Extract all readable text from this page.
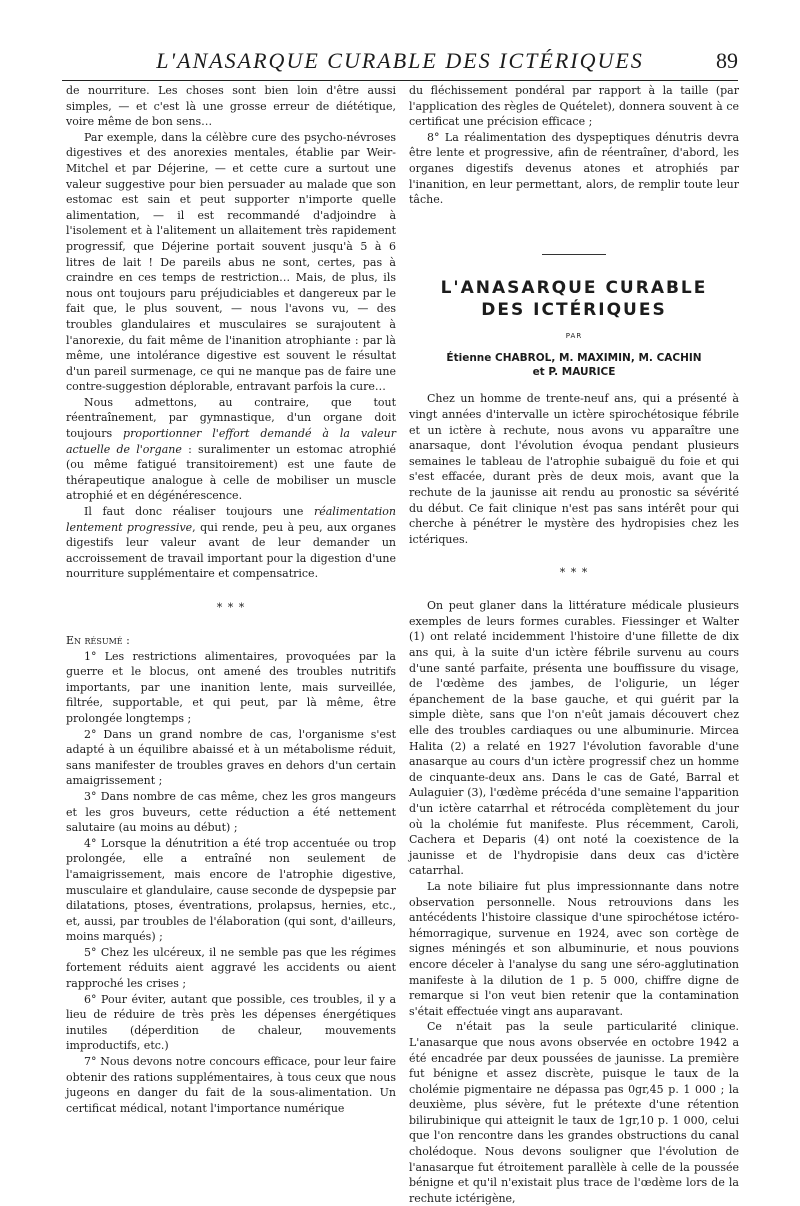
L'ANASARQUE CURABLE DES ICTÉRIQUES	89

de nourriture. Les choses sont bien loin d'être aussi simples, — et c'est là une grosse erreur de diététique, voire même de bon sens…

Par exemple, dans la célèbre cure des psycho-névroses digestives et des anorexies mentales, établie par Weir-Mitchel et par Déjerine, — et cette cure a surtout une valeur suggestive pour bien persuader au malade que son estomac est sain et peut supporter n'importe quelle alimentation, — il est recommandé d'adjoindre à l'isolement et à l'alitement un allaitement très rapidement progressif, que Déjerine portait souvent jusqu'à 5 à 6 litres de lait ! De pareils abus ne sont, certes, pas à craindre en ces temps de restriction… Mais, de plus, ils nous ont toujours paru préjudiciables et dangereux par le fait que, le plus souvent, — nous l'avons vu, — des troubles glandulaires et musculaires se surajoutent à l'anorexie, du fait même de l'inanition atrophiante : par là même, une intolérance digestive est souvent le résultat d'un pareil surmenage, ce qui ne manque pas de faire une contre-suggestion déplorable, entravant parfois la cure…

Nous admettons, au contraire, que tout réentraînement, par gymnastique, d'un organe doit toujours proportionner l'effort demandé à la valeur actuelle de l'organe : suralimenter un estomac atrophié (ou même fatigué transitoirement) est une faute de thérapeutique analogue à celle de mobiliser un muscle atrophié et en dégénérescence.

Il faut donc réaliser toujours une réalimentation lentement progressive, qui rende, peu à peu, aux organes digestifs leur valeur avant de leur demander un accroissement de travail important pour la digestion d'une nourriture supplémentaire et compensatrice.

* * *

En résumé :

1° Les restrictions alimentaires, provoquées par la guerre et le blocus, ont amené des troubles nutritifs importants, par une inanition lente, mais surveillée, filtrée, supportable, et qui peut, par là même, être prolongée longtemps ;

2° Dans un grand nombre de cas, l'organisme s'est adapté à un équilibre abaissé et à un métabolisme réduit, sans manifester de troubles graves en dehors d'un certain amaigrissement ;

3° Dans nombre de cas même, chez les gros mangeurs et les gros buveurs, cette réduction a été nettement salutaire (au moins au début) ;

4° Lorsque la dénutrition a été trop accentuée ou trop prolongée, elle a entraîné non seulement de l'amaigrissement, mais encore de l'atrophie digestive, musculaire et glandulaire, cause seconde de dyspepsie par dilatations, ptoses, éventrations, prolapsus, hernies, etc., et, aussi, par troubles de l'élaboration (qui sont, d'ailleurs, moins marqués) ;

5° Chez les ulcéreux, il ne semble pas que les régimes fortement réduits aient aggravé les accidents ou aient rapproché les crises ;

6° Pour éviter, autant que possible, ces troubles, il y a lieu de réduire de très près les dépenses énergétiques inutiles (déperdition de chaleur, mouvements improductifs, etc.)

7° Nous devons notre concours efficace, pour leur faire obtenir des rations supplémentaires, à tous ceux que nous jugeons en danger du fait de la sous-alimentation. Un certificat médical, notant l'importance numérique

du fléchissement pondéral par rapport à la taille (par l'application des règles de Quételet), donnera souvent à ce certificat une précision efficace ;

8° La réalimentation des dyspeptiques dénutris devra être lente et progressive, afin de réentraîner, d'abord, les organes digestifs devenus atones et atrophiés par l'inanition, en leur permettant, alors, de remplir toute leur tâche.

L'ANASARQUE CURABLE
DES ICTÉRIQUES
PAR
Étienne CHABROL, M. MAXIMIN, M. CACHIN
et P. MAURICE

Chez un homme de trente-neuf ans, qui a présenté à vingt années d'intervalle un ictère spirochétosique fébrile et un ictère à rechute, nous avons vu apparaître une anarsaque, dont l'évolution évoqua pendant plusieurs semaines le tableau de l'atrophie subaiguë du foie et qui s'est effacée, durant près de deux mois, avant que la rechute de la jaunisse ait rendu au pronostic sa sévérité du début. Ce fait clinique n'est pas sans intérêt pour qui cherche à pénétrer le mystère des hydropisies chez les ictériques.

* * *

On peut glaner dans la littérature médicale plusieurs exemples de leurs formes curables. Fiessinger et Walter (1) ont relaté incidemment l'histoire d'une fillette de dix ans qui, à la suite d'un ictère fébrile survenu au cours d'une santé parfaite, présenta une bouffissure du visage, de l'œdème des jambes, de l'oligurie, un léger épanchement de la base gauche, et qui guérit par la simple diète, sans que l'on n'eût jamais découvert chez elle des troubles cardiaques ou une albuminurie. Mircea Halita (2) a relaté en 1927 l'évolution favorable d'une anasarque au cours d'un ictère progressif chez un homme de cinquante-deux ans. Dans le cas de Gaté, Barral et Aulaguier (3), l'œdème précéda d'une semaine l'apparition d'un ictère catarrhal et rétrocéda complètement du jour où la cholémie fut manifeste. Plus récemment, Caroli, Cachera et Deparis (4) ont noté la coexistence de la jaunisse et de l'hydropisie dans deux cas d'ictère catarrhal.

La note biliaire fut plus impressionnante dans notre observation personnelle. Nous retrouvions dans les antécédents l'histoire classique d'une spirochétose ictéro-hémorragique, survenue en 1924, avec son cortège de signes méningés et son albuminurie, et nous pouvions encore déceler à l'analyse du sang une séro-agglutination manifeste à la dilution de 1 p. 5 000, chiffre digne de remarque si l'on veut bien retenir que la contamination s'était effectuée vingt ans auparavant.

Ce n'était pas la seule particularité clinique. L'anasarque que nous avons observée en octobre 1942 a été encadrée par deux poussées de jaunisse. La première fut bénigne et assez discrète, puisque le taux de la cholémie pigmentaire ne dépassa pas 0gr,45 p. 1 000 ; la deuxième, plus sévère, fut le prétexte d'une rétention bilirubinique qui atteignit le taux de 1gr,10 p. 1 000, celui que l'on rencontre dans les grandes obstructions du canal cholédoque. Nous devons souligner que l'évolution de l'anasarque fut étroitement parallèle à celle de la poussée bénigne et qu'il n'existait plus trace de l'œdème lors de la rechute ictérigène,
